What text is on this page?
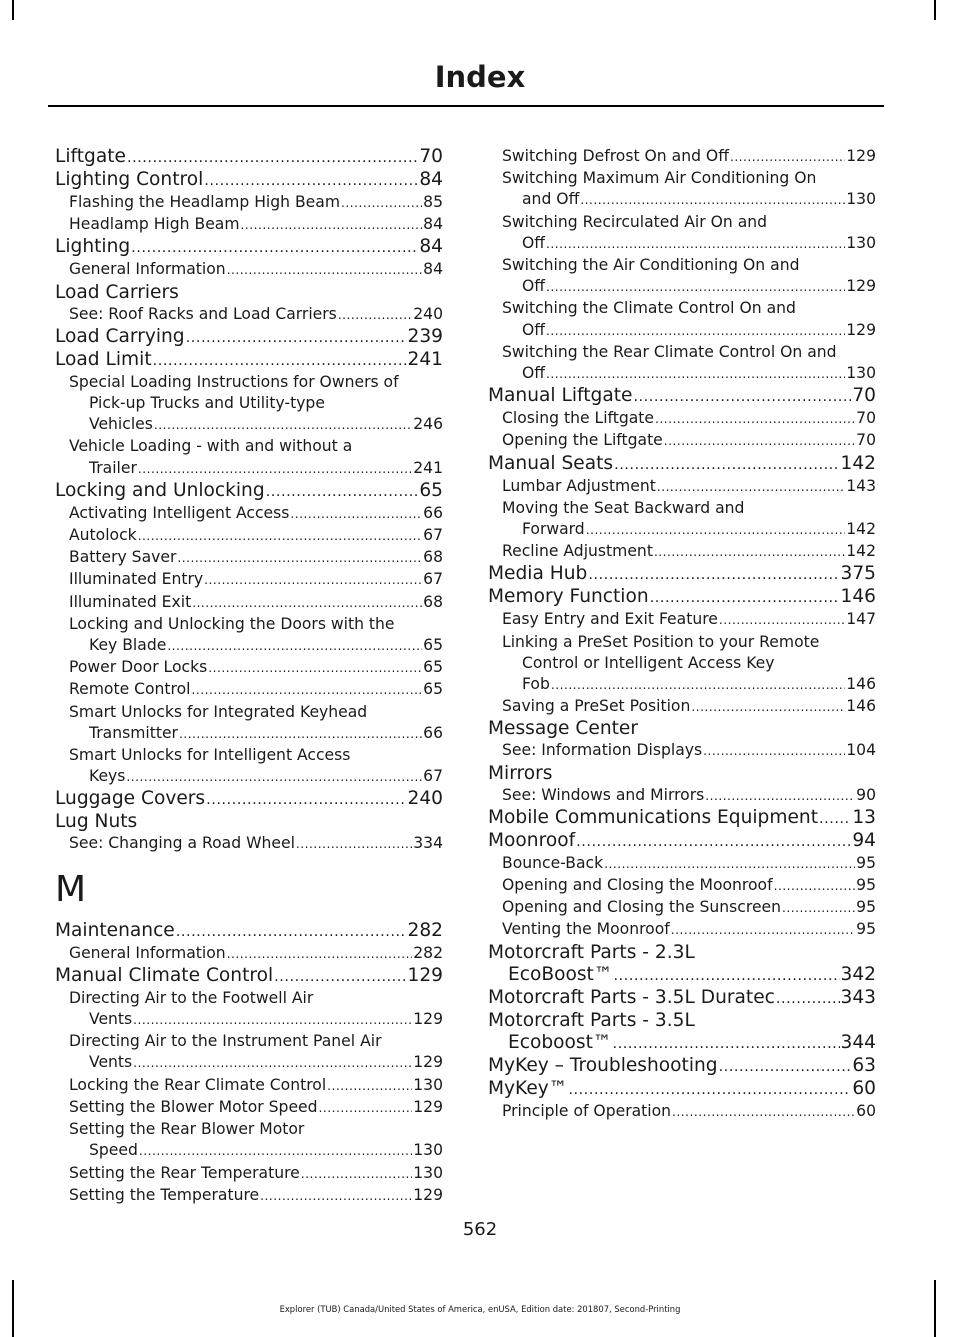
Index
Liftgate .....	70
Lighting Control .....	84
Flashing the Headlamp High Beam .....	85
Headlamp High Beam .....	84
Lighting .....	84
General Information .....	84
Load Carriers
See: Roof Racks and Load Carriers .....	240
Load Carrying .....	239
Load Limit .....	241
Special Loading Instructions for Owners of
Pick-up Trucks and Utility-type
Vehicles .....	246
Vehicle Loading - with and without a
Trailer .....	241
Locking and Unlocking .....	65
Activating Intelligent Access .....	66
Autolock .....	67
Battery Saver .....	68
Illuminated Entry .....	67
Illuminated Exit .....	68
Locking and Unlocking the Doors with the
Key Blade .....	65
Power Door Locks .....	65
Remote Control .....	65
Smart Unlocks for Integrated Keyhead
Transmitter .....	66
Smart Unlocks for Intelligent Access
Keys .....	67
Luggage Covers .....	240
Lug Nuts
See: Changing a Road Wheel .....	334
M
Maintenance .....	282
General Information .....	282
Manual Climate Control .....	129
Directing Air to the Footwell Air
Vents .....	129
Directing Air to the Instrument Panel Air
Vents .....	129
Locking the Rear Climate Control .....	130
Setting the Blower Motor Speed .....	129
Setting the Rear Blower Motor
Speed .....	130
Setting the Rear Temperature .....	130
Setting the Temperature .....	129
Switching Defrost On and Off .....	129
Switching Maximum Air Conditioning On
and Off .....	130
Switching Recirculated Air On and
Off .....	130
Switching the Air Conditioning On and
Off .....	129
Switching the Climate Control On and
Off .....	129
Switching the Rear Climate Control On and
Off .....	130
Manual Liftgate .....	70
Closing the Liftgate .....	70
Opening the Liftgate .....	70
Manual Seats .....	142
Lumbar Adjustment .....	143
Moving the Seat Backward and
Forward .....	142
Recline Adjustment .....	142
Media Hub .....	375
Memory Function .....	146
Easy Entry and Exit Feature .....	147
Linking a PreSet Position to your Remote
Control or Intelligent Access Key
Fob .....	146
Saving a PreSet Position .....	146
Message Center
See: Information Displays .....	104
Mirrors
See: Windows and Mirrors .....	90
Mobile Communications Equipment ..... 13
Moonroof .....	94
Bounce-Back .....	95
Opening and Closing the Moonroof .....	95
Opening and Closing the Sunscreen .....	95
Venting the Moonroof .....	95
Motorcraft Parts - 2.3L
EcoBoost™ .....	342
Motorcraft Parts - 3.5L Duratec .....	343
Motorcraft Parts - 3.5L
Ecoboost™ .....	344
MyKey – Troubleshooting .....	63
MyKey™ .....	60
Principle of Operation .....	60
562
Explorer (TUB) Canada/United States of America, enUSA, Edition date: 201807, Second-Printing
